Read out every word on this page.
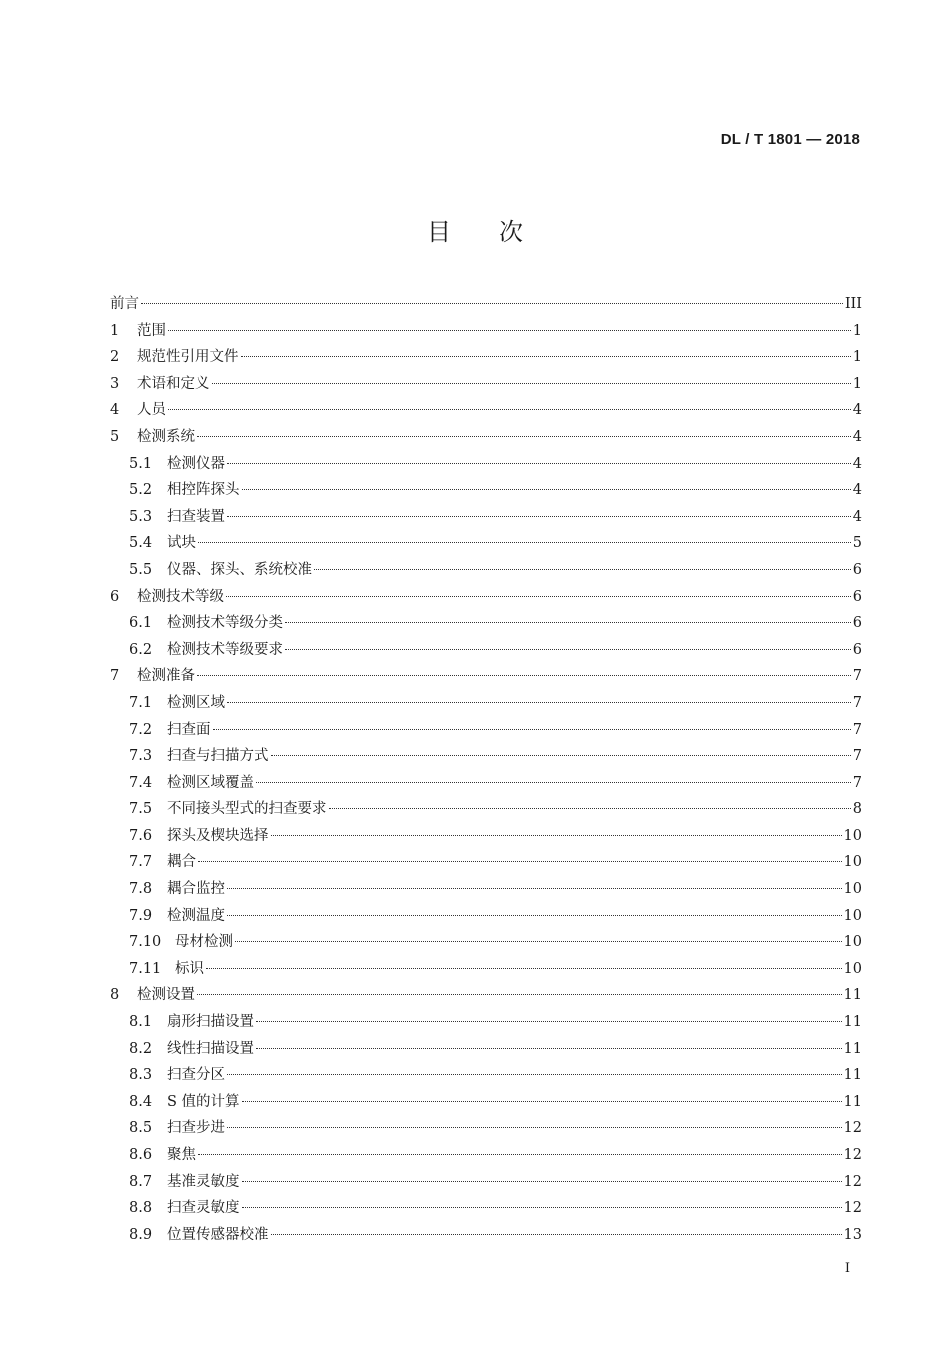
DL / T 1801 — 2018
目次
前言	III
1	范围	1
2	规范性引用文件	1
3	术语和定义	1
4	人员	4
5	检测系统	4
5.1	检测仪器	4
5.2	相控阵探头	4
5.3	扫查装置	4
5.4	试块	5
5.5	仪器、探头、系统校准	6
6	检测技术等级	6
6.1	检测技术等级分类	6
6.2	检测技术等级要求	6
7	检测准备	7
7.1	检测区域	7
7.2	扫查面	7
7.3	扫查与扫描方式	7
7.4	检测区域覆盖	7
7.5	不同接头型式的扫查要求	8
7.6	探头及楔块选择	10
7.7	耦合	10
7.8	耦合监控	10
7.9	检测温度	10
7.10 母材检测	10
7.11 标识	10
8	检测设置	11
8.1	扇形扫描设置	11
8.2	线性扫描设置	11
8.3	扫查分区	11
8.4	S 值的计算	11
8.5	扫查步进	12
8.6	聚焦	12
8.7	基准灵敏度	12
8.8	扫查灵敏度	12
8.9	位置传感器校准	13
I
